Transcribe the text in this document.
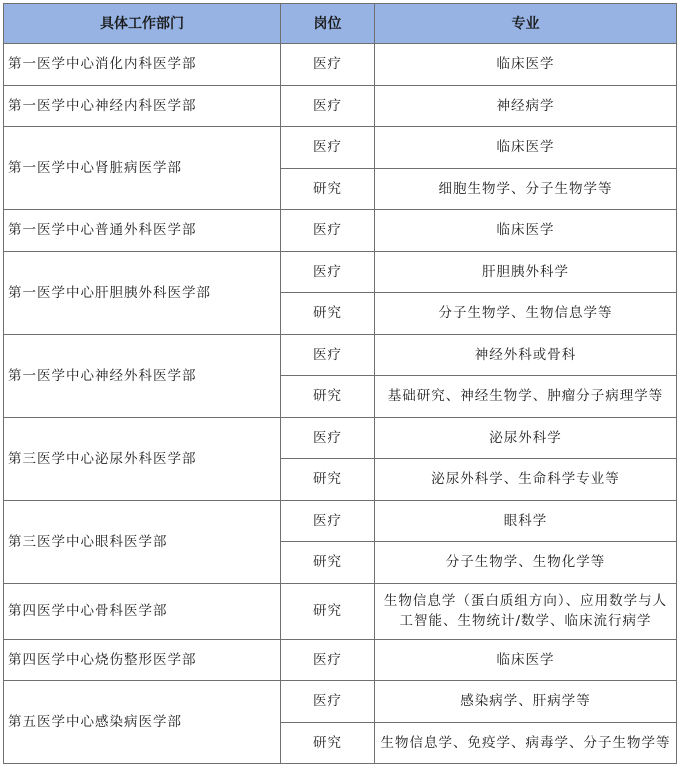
具体工作部门	岗位	专业
第一医学中心消化内科医学部	医疗	临床医学
第一医学中心神经内科医学部	医疗	神经病学
第一医学中心肾脏病医学部	医疗	临床医学
	研究	细胞生物学、分子生物学等
第一医学中心普通外科医学部	医疗	临床医学
第一医学中心肝胆胰外科医学部	医疗	肝胆胰外科学
	研究	分子生物学、生物信息学等
第一医学中心神经外科医学部	医疗	神经外科或骨科
	研究	基础研究、神经生物学、肿瘤分子病理学等
第三医学中心泌尿外科医学部	医疗	泌尿外科学
	研究	泌尿外科学、生命科学专业等
第三医学中心眼科医学部	医疗	眼科学
	研究	分子生物学、生物化学等
第四医学中心骨科医学部	研究	生物信息学（蛋白质组方向）、应用数学与人工智能、生物统计/数学、临床流行病学
第四医学中心烧伤整形医学部	医疗	临床医学
第五医学中心感染病医学部	医疗	感染病学、肝病学等
	研究	生物信息学、免疫学、病毒学、分子生物学等
